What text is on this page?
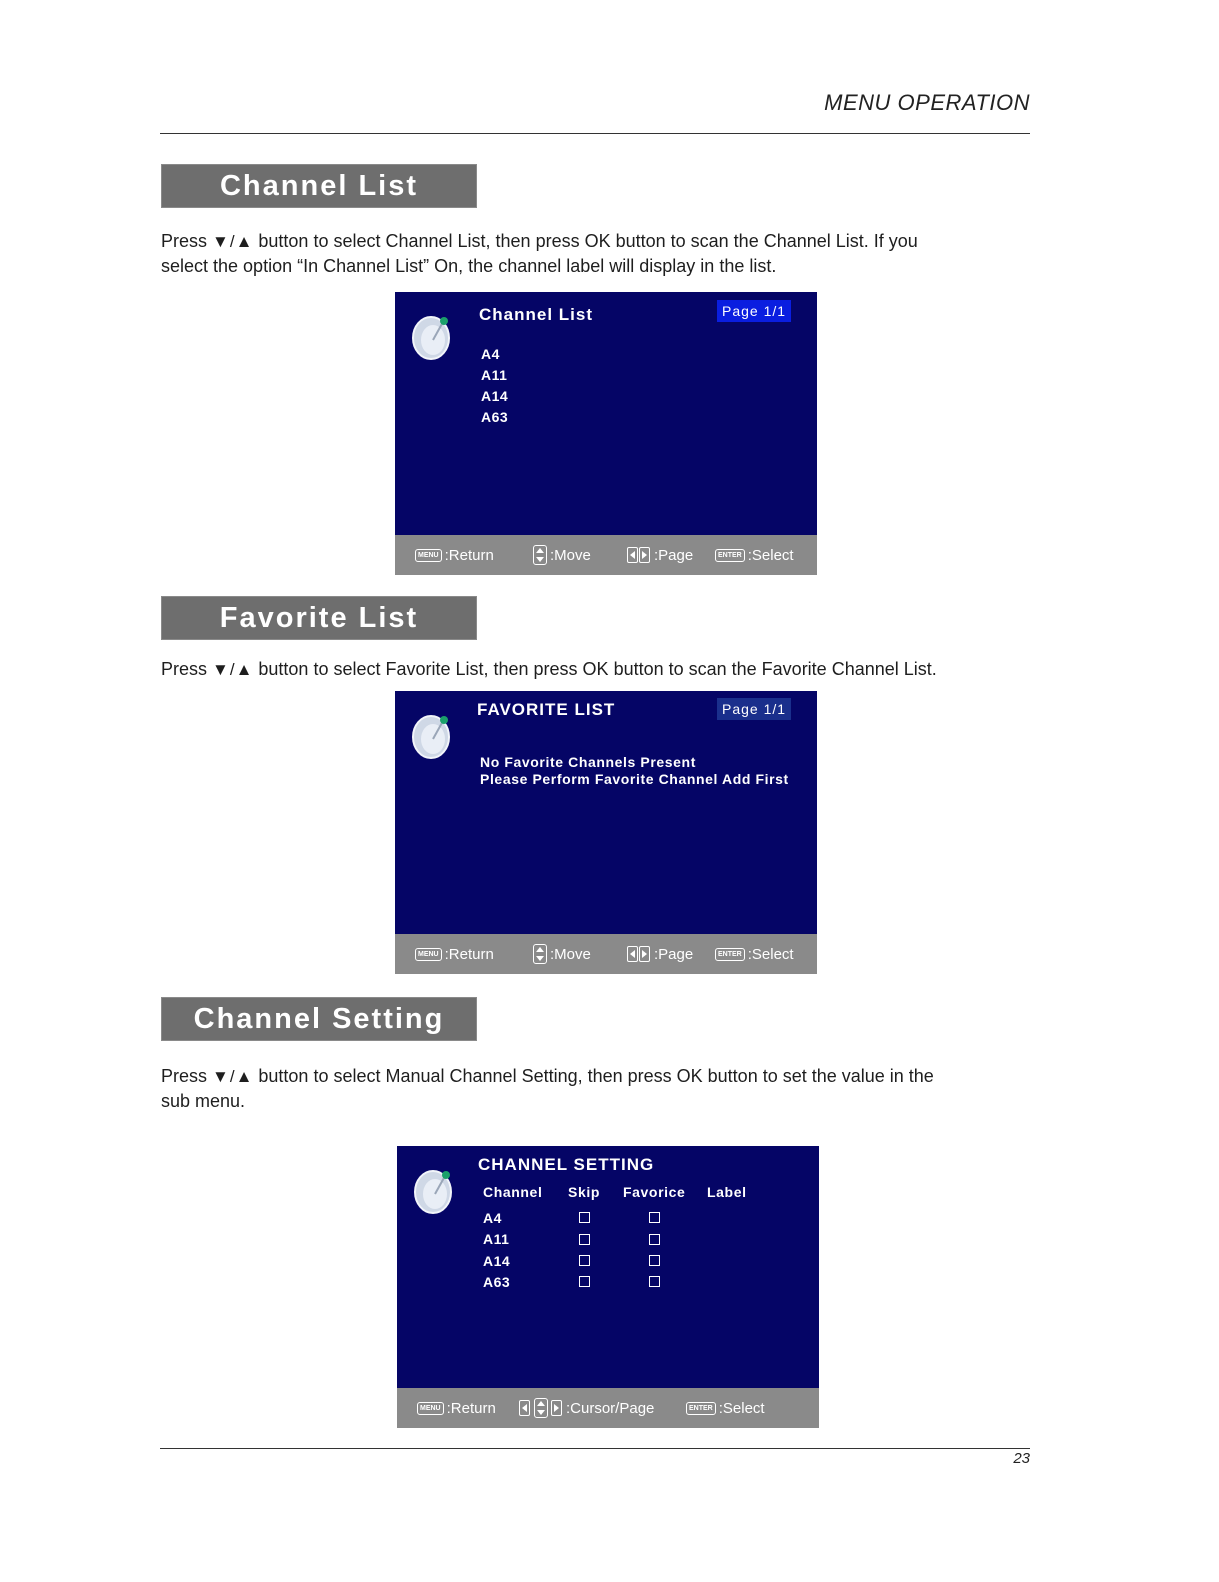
MENU OPERATION
Channel List

Press ▼/▲ button to select Channel List, then press OK button to scan the Channel List. If you
select the option “In Channel List” On, the channel label will display in the list.

Channel List	Page 1/1
A4
A11
A14
A63
MENU :Return	:Move	:Page	ENTER :Select
Favorite List

Press ▼/▲ button to select Favorite List, then press OK button to scan the Favorite Channel List.

FAVORITE LIST	Page 1/1
No Favorite Channels Present
Please Perform Favorite Channel Add First
MENU :Return	:Move	:Page	ENTER :Select
Channel Setting

Press ▼/▲ button to select Manual Channel Setting, then press OK button to set the value in the
sub menu.

CHANNEL SETTING
Channel Skip Favorice Label
A4
A11
A14
A63
MENU :Return	:Cursor/Page	ENTER :Select
23
